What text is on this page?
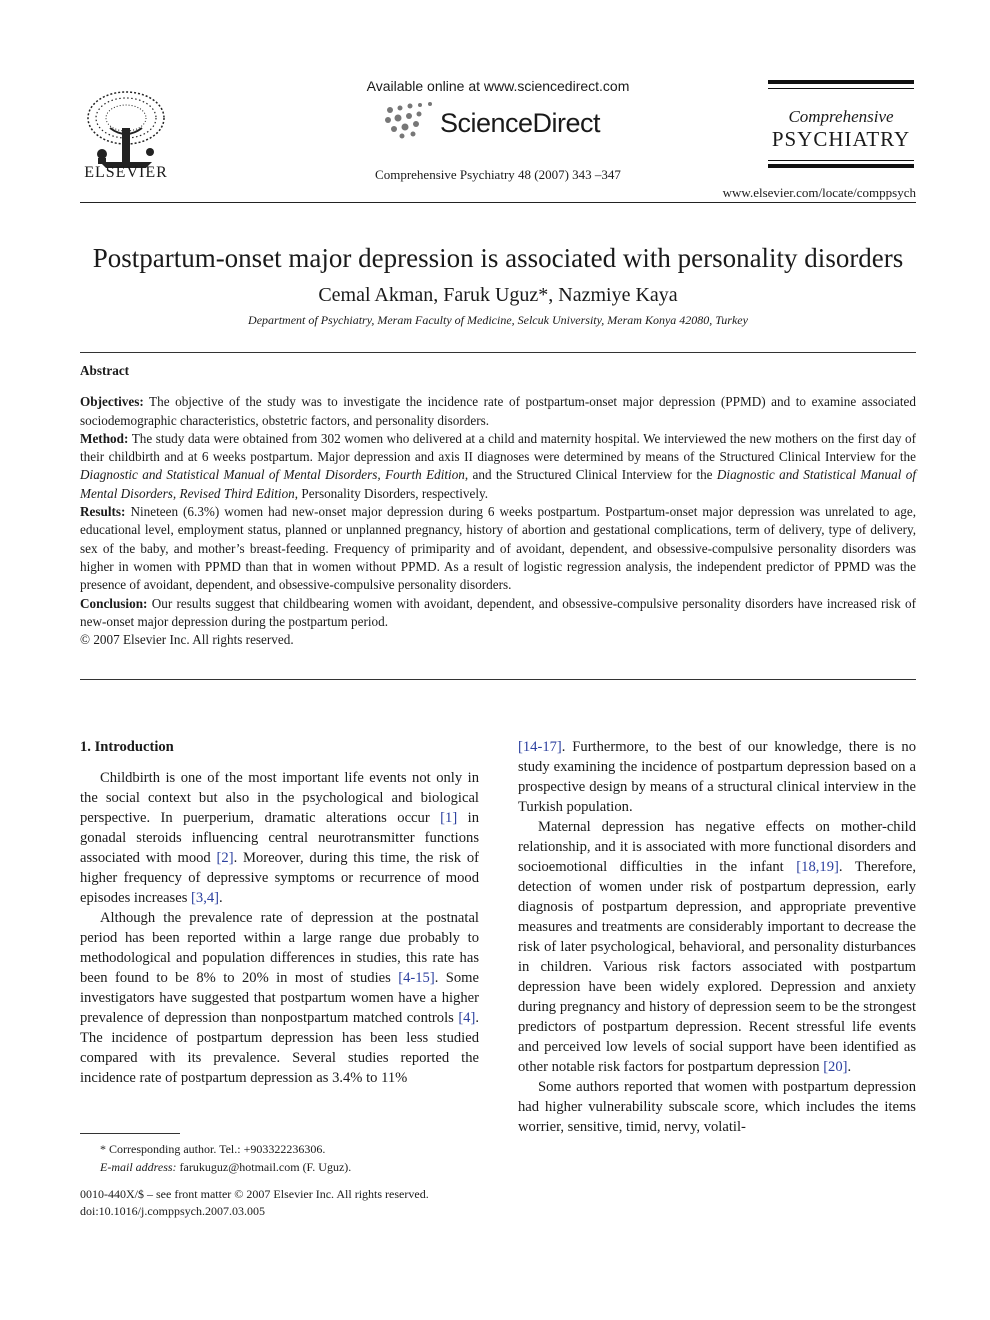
ELSEVIER
Available online at www.sciencedirect.com
ScienceDirect
Comprehensive Psychiatry 48 (2007) 343 –347
Comprehensive
PSYCHIATRY
www.elsevier.com/locate/comppsych
Postpartum-onset major depression is associated with personality disorders
Cemal Akman, Faruk Uguz*, Nazmiye Kaya
Department of Psychiatry, Meram Faculty of Medicine, Selcuk University, Meram Konya 42080, Turkey
Abstract

Objectives: The objective of the study was to investigate the incidence rate of postpartum-onset major depression (PPMD) and to examine associated sociodemographic characteristics, obstetric factors, and personality disorders.

Method: The study data were obtained from 302 women who delivered at a child and maternity hospital. We interviewed the new mothers on the first day of their childbirth and at 6 weeks postpartum. Major depression and axis II diagnoses were determined by means of the Structured Clinical Interview for the Diagnostic and Statistical Manual of Mental Disorders, Fourth Edition, and the Structured Clinical Interview for the Diagnostic and Statistical Manual of Mental Disorders, Revised Third Edition, Personality Disorders, respectively.

Results: Nineteen (6.3%) women had new-onset major depression during 6 weeks postpartum. Postpartum-onset major depression was unrelated to age, educational level, employment status, planned or unplanned pregnancy, history of abortion and gestational complications, term of delivery, type of delivery, sex of the baby, and mother’s breast-feeding. Frequency of primiparity and of avoidant, dependent, and obsessive-compulsive personality disorders was higher in women with PPMD than that in women without PPMD. As a result of logistic regression analysis, the independent predictor of PPMD was the presence of avoidant, dependent, and obsessive-compulsive personality disorders.

Conclusion: Our results suggest that childbearing women with avoidant, dependent, and obsessive-compulsive personality disorders have increased risk of new-onset major depression during the postpartum period.

© 2007 Elsevier Inc. All rights reserved.

1. Introduction

Childbirth is one of the most important life events not only in the social context but also in the psychological and biological perspective. In puerperium, dramatic alterations occur [1] in gonadal steroids influencing central neurotransmitter functions associated with mood [2]. Moreover, during this time, the risk of higher frequency of depressive symptoms or recurrence of mood episodes increases [3,4].

Although the prevalence rate of depression at the postnatal period has been reported within a large range due probably to methodological and population differences in studies, this rate has been found to be 8% to 20% in most of studies [4-15]. Some investigators have suggested that postpartum women have a higher prevalence of depression than nonpostpartum matched controls [4]. The incidence of postpartum depression has been less studied compared with its prevalence. Several studies reported the incidence rate of postpartum depression as 3.4% to 11%

[14-17]. Furthermore, to the best of our knowledge, there is no study examining the incidence of postpartum depression based on a prospective design by means of a structural clinical interview in the Turkish population.

Maternal depression has negative effects on mother-child relationship, and it is associated with more functional disorders and socioemotional difficulties in the infant [18,19]. Therefore, detection of women under risk of postpartum depression, early diagnosis of postpartum depression, and appropriate preventive measures and treatments are considerably important to decrease the risk of later psychological, behavioral, and personality disturbances in children. Various risk factors associated with postpartum depression have been widely explored. Depression and anxiety during pregnancy and history of depression seem to be the strongest predictors of postpartum depression. Recent stressful life events and perceived low levels of social support have been identified as other notable risk factors for postpartum depression [20].

Some authors reported that women with postpartum depression had higher vulnerability subscale score, which includes the items worrier, sensitive, timid, nervy, volatil-

* Corresponding author. Tel.: +903322236306.
E-mail address: farukuguz@hotmail.com (F. Uguz).
0010-440X/$ – see front matter © 2007 Elsevier Inc. All rights reserved.
doi:10.1016/j.comppsych.2007.03.005
